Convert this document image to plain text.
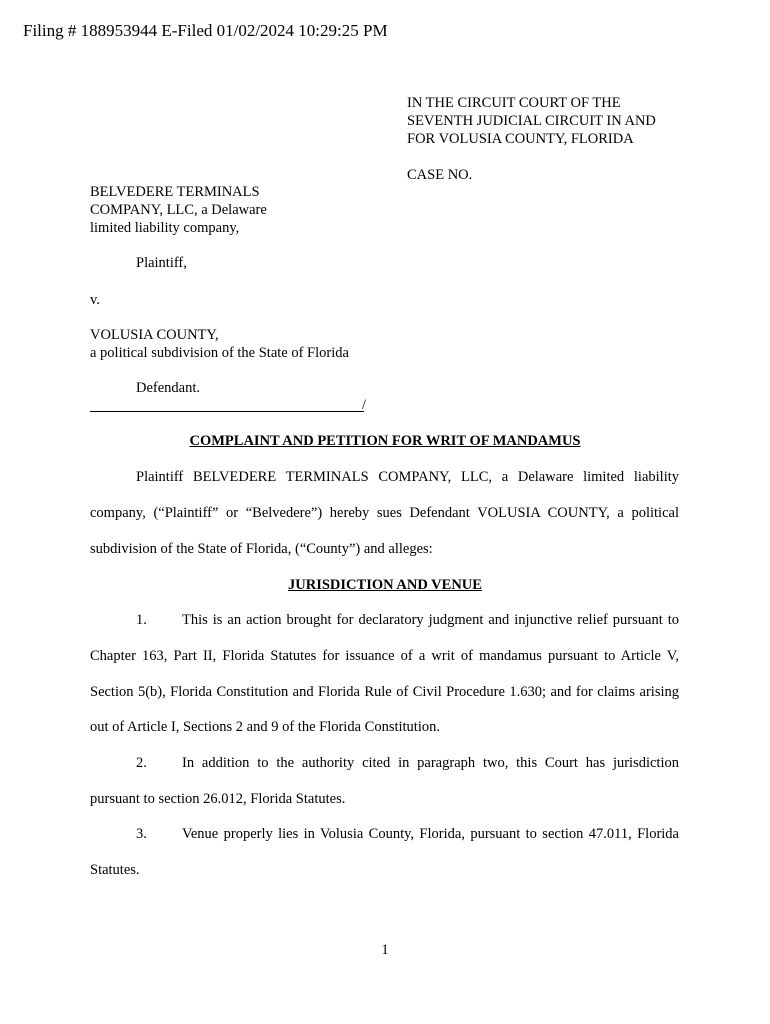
Filing # 188953944 E-Filed 01/02/2024 10:29:25 PM
IN THE CIRCUIT COURT OF THE
SEVENTH JUDICIAL CIRCUIT IN AND
FOR VOLUSIA COUNTY, FLORIDA
CASE NO.
BELVEDERE TERMINALS
COMPANY, LLC, a Delaware
limited liability company,
Plaintiff,
v.
VOLUSIA COUNTY,
a political subdivision of the State of Florida
Defendant.
/
COMPLAINT AND PETITION FOR WRIT OF MANDAMUS
Plaintiff BELVEDERE TERMINALS COMPANY, LLC, a Delaware limited liability
company, (“Plaintiff” or “Belvedere”) hereby sues Defendant VOLUSIA COUNTY, a political
subdivision of the State of Florida, (“County”) and alleges:
JURISDICTION AND VENUE
1. This is an action brought for declaratory judgment and injunctive relief pursuant to
Chapter 163, Part II, Florida Statutes for issuance of a writ of mandamus pursuant to Article V,
Section 5(b), Florida Constitution and Florida Rule of Civil Procedure 1.630; and for claims arising
out of Article I, Sections 2 and 9 of the Florida Constitution.
2. In addition to the authority cited in paragraph two, this Court has jurisdiction
pursuant to section 26.012, Florida Statutes.
3. Venue properly lies in Volusia County, Florida, pursuant to section 47.011, Florida
Statutes.
1
